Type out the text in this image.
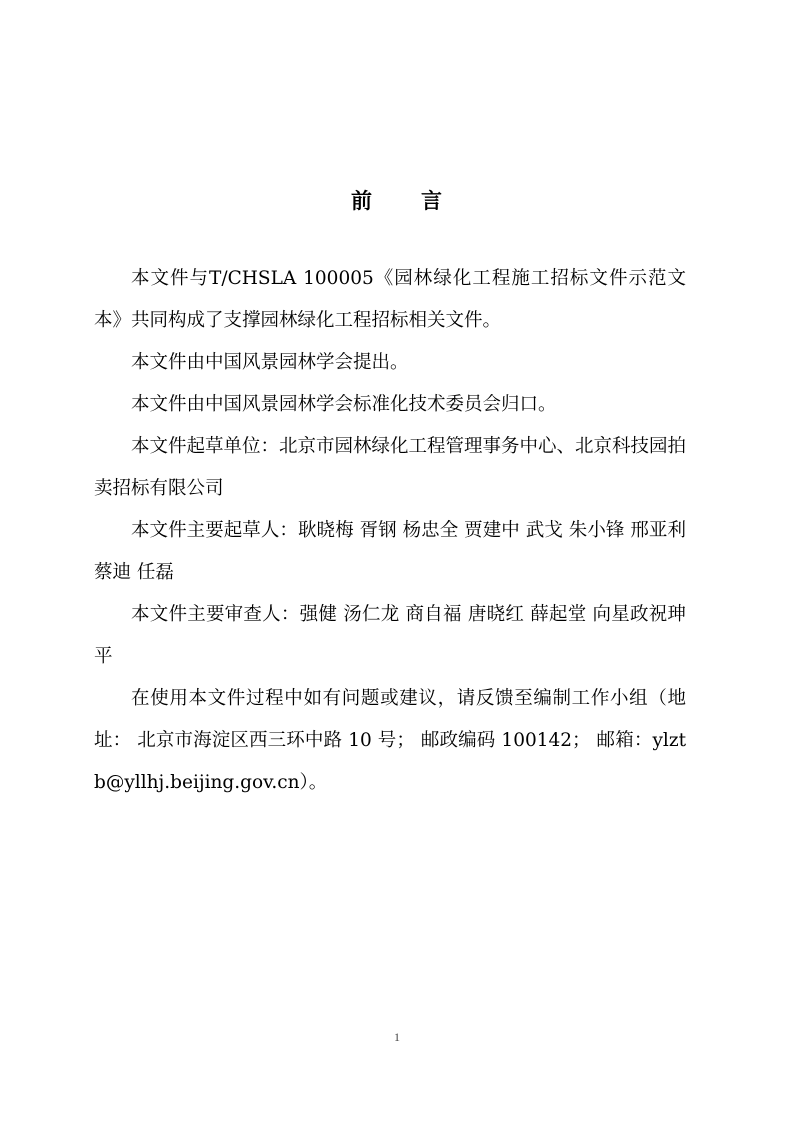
前 言

本文件与T/CHSLA 100005《园林绿化工程施工招标文件示范文本》共同构成了支撑园林绿化工程招标相关文件。

本文件由中国风景园林学会提出。

本文件由中国风景园林学会标准化技术委员会归口。

本文件起草单位：北京市园林绿化工程管理事务中心、北京科技园拍卖招标有限公司

本文件主要起草人：耿晓梅 胥钢 杨忠全 贾建中 武戈 朱小锋 邢亚利 蔡迪 任磊

本文件主要审查人：强健 汤仁龙 商自福 唐晓红 薛起堂 向星政祝珅平

在使用本文件过程中如有问题或建议，请反馈至编制工作小组（地址： 北京市海淀区西三环中路 10 号； 邮政编码 100142； 邮箱：ylztb@yllhj.beijing.gov.cn）。

1
